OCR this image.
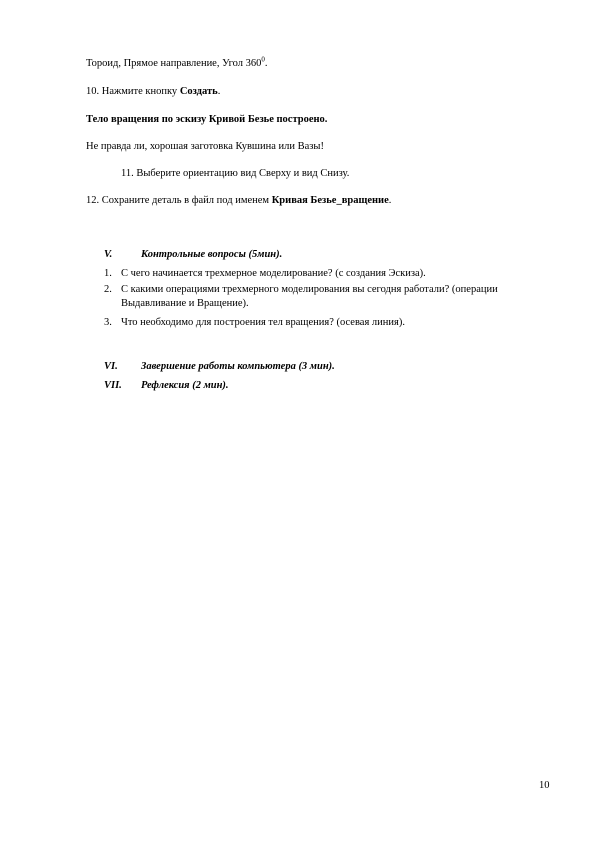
Тороид, Прямое направление, Угол $360^0$.
10. Нажмите кнопку Создать.
Тело вращения по эскизу Кривой Безье построено.
Не правда ли, хорошая заготовка Кувшина или Вазы!
11. Выберите ориентацию вид Сверху и вид Снизу.
12. Сохраните деталь в файл под именем Кривая Безье_вращение.
V.	Контрольные вопросы (5мин).
1. С чего начинается трехмерное моделирование? (с создания Эскиза).
2. С какими операциями трехмерного моделирования вы сегодня работали? (операции
Выдавливание и Вращение).
3. Что необходимо для построения тел вращения? (осевая линия).
VI. Завершение работы компьютера (3 мин).
VII. Рефлексия (2 мин).
10
